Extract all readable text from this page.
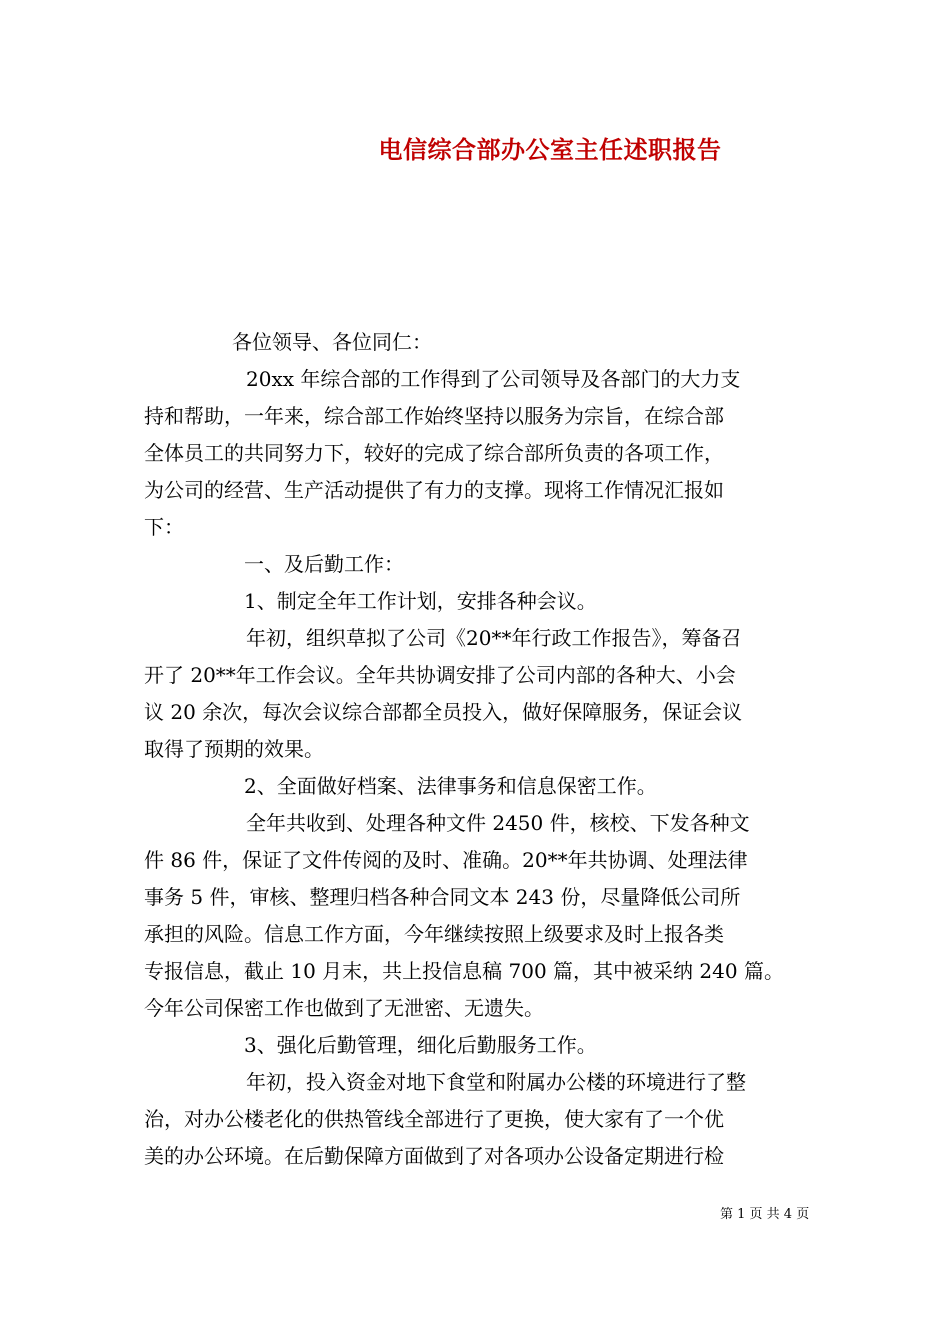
电信综合部办公室主任述职报告
各位领导、各位同仁：
20xx 年综合部的工作得到了公司领导及各部门的大力支
持和帮助，一年来，综合部工作始终坚持以服务为宗旨，在综合部
全体员工的共同努力下，较好的完成了综合部所负责的各项工作，
为公司的经营、生产活动提供了有力的支撑。现将工作情况汇报如
下：
一、及后勤工作：
1、制定全年工作计划，安排各种会议。
年初，组织草拟了公司《20**年行政工作报告》，筹备召
开了 20**年工作会议。全年共协调安排了公司内部的各种大、小会
议 20 余次，每次会议综合部都全员投入，做好保障服务，保证会议
取得了预期的效果。
2、全面做好档案、法律事务和信息保密工作。
全年共收到、处理各种文件 2450 件，核校、下发各种文
件 86 件，保证了文件传阅的及时、准确。20**年共协调、处理法律
事务 5 件，审核、整理归档各种合同文本 243 份，尽量降低公司所
承担的风险。信息工作方面，今年继续按照上级要求及时上报各类
专报信息，截止 10 月末，共上投信息稿 700 篇，其中被采纳 240 篇。
今年公司保密工作也做到了无泄密、无遗失。
3、强化后勤管理，细化后勤服务工作。
年初，投入资金对地下食堂和附属办公楼的环境进行了整
治，对办公楼老化的供热管线全部进行了更换，使大家有了一个优
美的办公环境。在后勤保障方面做到了对各项办公设备定期进行检
第 1 页 共 4 页
